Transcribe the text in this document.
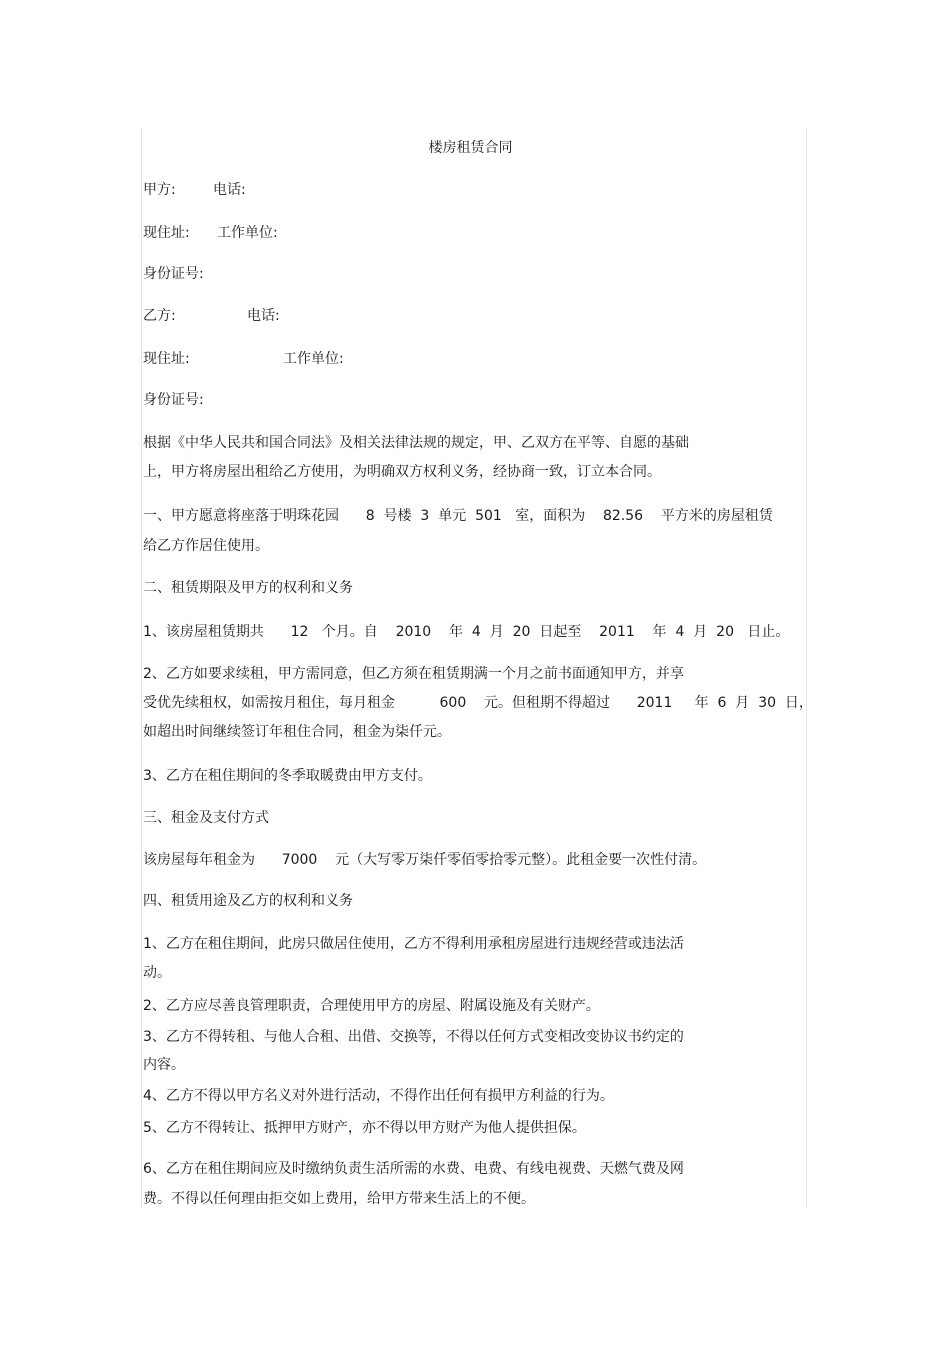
楼房租赁合同
甲方:	电话:
现住址: 工作单位:
身份证号:
乙方:	电话:
现住址:	工作单位:
身份证号:
根据《中华人民共和国合同法》及相关法律法规的规定，甲、乙双方在平等、自愿的基础
上，甲方将房屋出租给乙方使用，为明确双方权利义务，经协商一致，订立本合同。
一、甲方愿意将座落于明珠花园      8  号楼  3  单元  501   室，面积为    82.56    平方米的房屋租赁
给乙方作居住使用。
二、租赁期限及甲方的权利和义务
1、该房屋租赁期共      12   个月。自    2010    年  4  月  20  日起至    2011    年  4  月  20   日止。
2、乙方如要求续租，甲方需同意，但乙方须在租赁期满一个月之前书面通知甲方，并享
受优先续租权，如需按月租住，每月租金          600    元。但租期不得超过      2011     年  6  月  30  日，
如超出时间继续签订年租住合同，租金为柒仟元。
3、乙方在租住期间的冬季取暖费由甲方支付。
三、租金及支付方式
该房屋每年租金为      7000    元（大写零万柒仟零佰零拾零元整）。此租金要一次性付清。
四、租赁用途及乙方的权利和义务
1、乙方在租住期间，此房只做居住使用，乙方不得利用承租房屋进行违规经营或违法活
动。
2、乙方应尽善良管理职责，合理使用甲方的房屋、附属设施及有关财产。
3、乙方不得转租、与他人合租、出借、交换等，不得以任何方式变相改变协议书约定的
内容。
4、乙方不得以甲方名义对外进行活动，不得作出任何有损甲方利益的行为。
5、乙方不得转让、抵押甲方财产，亦不得以甲方财产为他人提供担保。
6、乙方在租住期间应及时缴纳负责生活所需的水费、电费、有线电视费、天燃气费及网
费。不得以任何理由拒交如上费用，给甲方带来生活上的不便。
